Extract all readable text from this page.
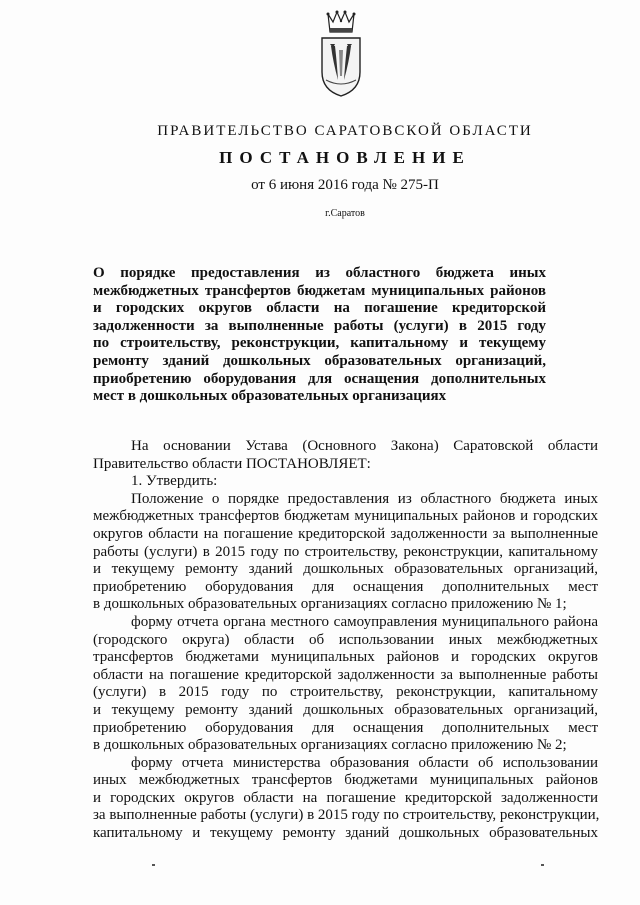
ПРАВИТЕЛЬСТВО САРАТОВСКОЙ ОБЛАСТИ
ПОСТАНОВЛЕНИЕ
от 6 июня 2016 года № 275-П
г.Саратов
О порядке предоставления из областного бюджета иных
межбюджетных трансфертов бюджетам муниципальных районов
и городских округов области на погашение кредиторской
задолженности за выполненные работы (услуги) в 2015 году
по строительству, реконструкции, капитальному и текущему
ремонту зданий дошкольных образовательных организаций,
приобретению оборудования для оснащения дополнительных
мест в дошкольных образовательных организациях
На основании Устава (Основного Закона) Саратовской области
Правительство области ПОСТАНОВЛЯЕТ:
1. Утвердить:
Положение о порядке предоставления из областного бюджета иных
межбюджетных трансфертов бюджетам муниципальных районов и городских
округов области на погашение кредиторской задолженности за выполненные
работы (услуги) в 2015 году по строительству, реконструкции, капитальному
и текущему ремонту зданий дошкольных образовательных организаций,
приобретению оборудования для оснащения дополнительных мест
в дошкольных образовательных организациях согласно приложению № 1;
форму отчета органа местного самоуправления муниципального района
(городского округа) области об использовании иных межбюджетных
трансфертов бюджетами муниципальных районов и городских округов
области на погашение кредиторской задолженности за выполненные работы
(услуги) в 2015 году по строительству, реконструкции, капитальному
и текущему ремонту зданий дошкольных образовательных организаций,
приобретению оборудования для оснащения дополнительных мест
в дошкольных образовательных организациях согласно приложению № 2;
форму отчета министерства образования области об использовании
иных межбюджетных трансфертов бюджетами муниципальных районов
и городских округов области на погашение кредиторской задолженности
за выполненные работы (услуги) в 2015 году по строительству, реконструкции,
капитальному и текущему ремонту зданий дошкольных образовательных
